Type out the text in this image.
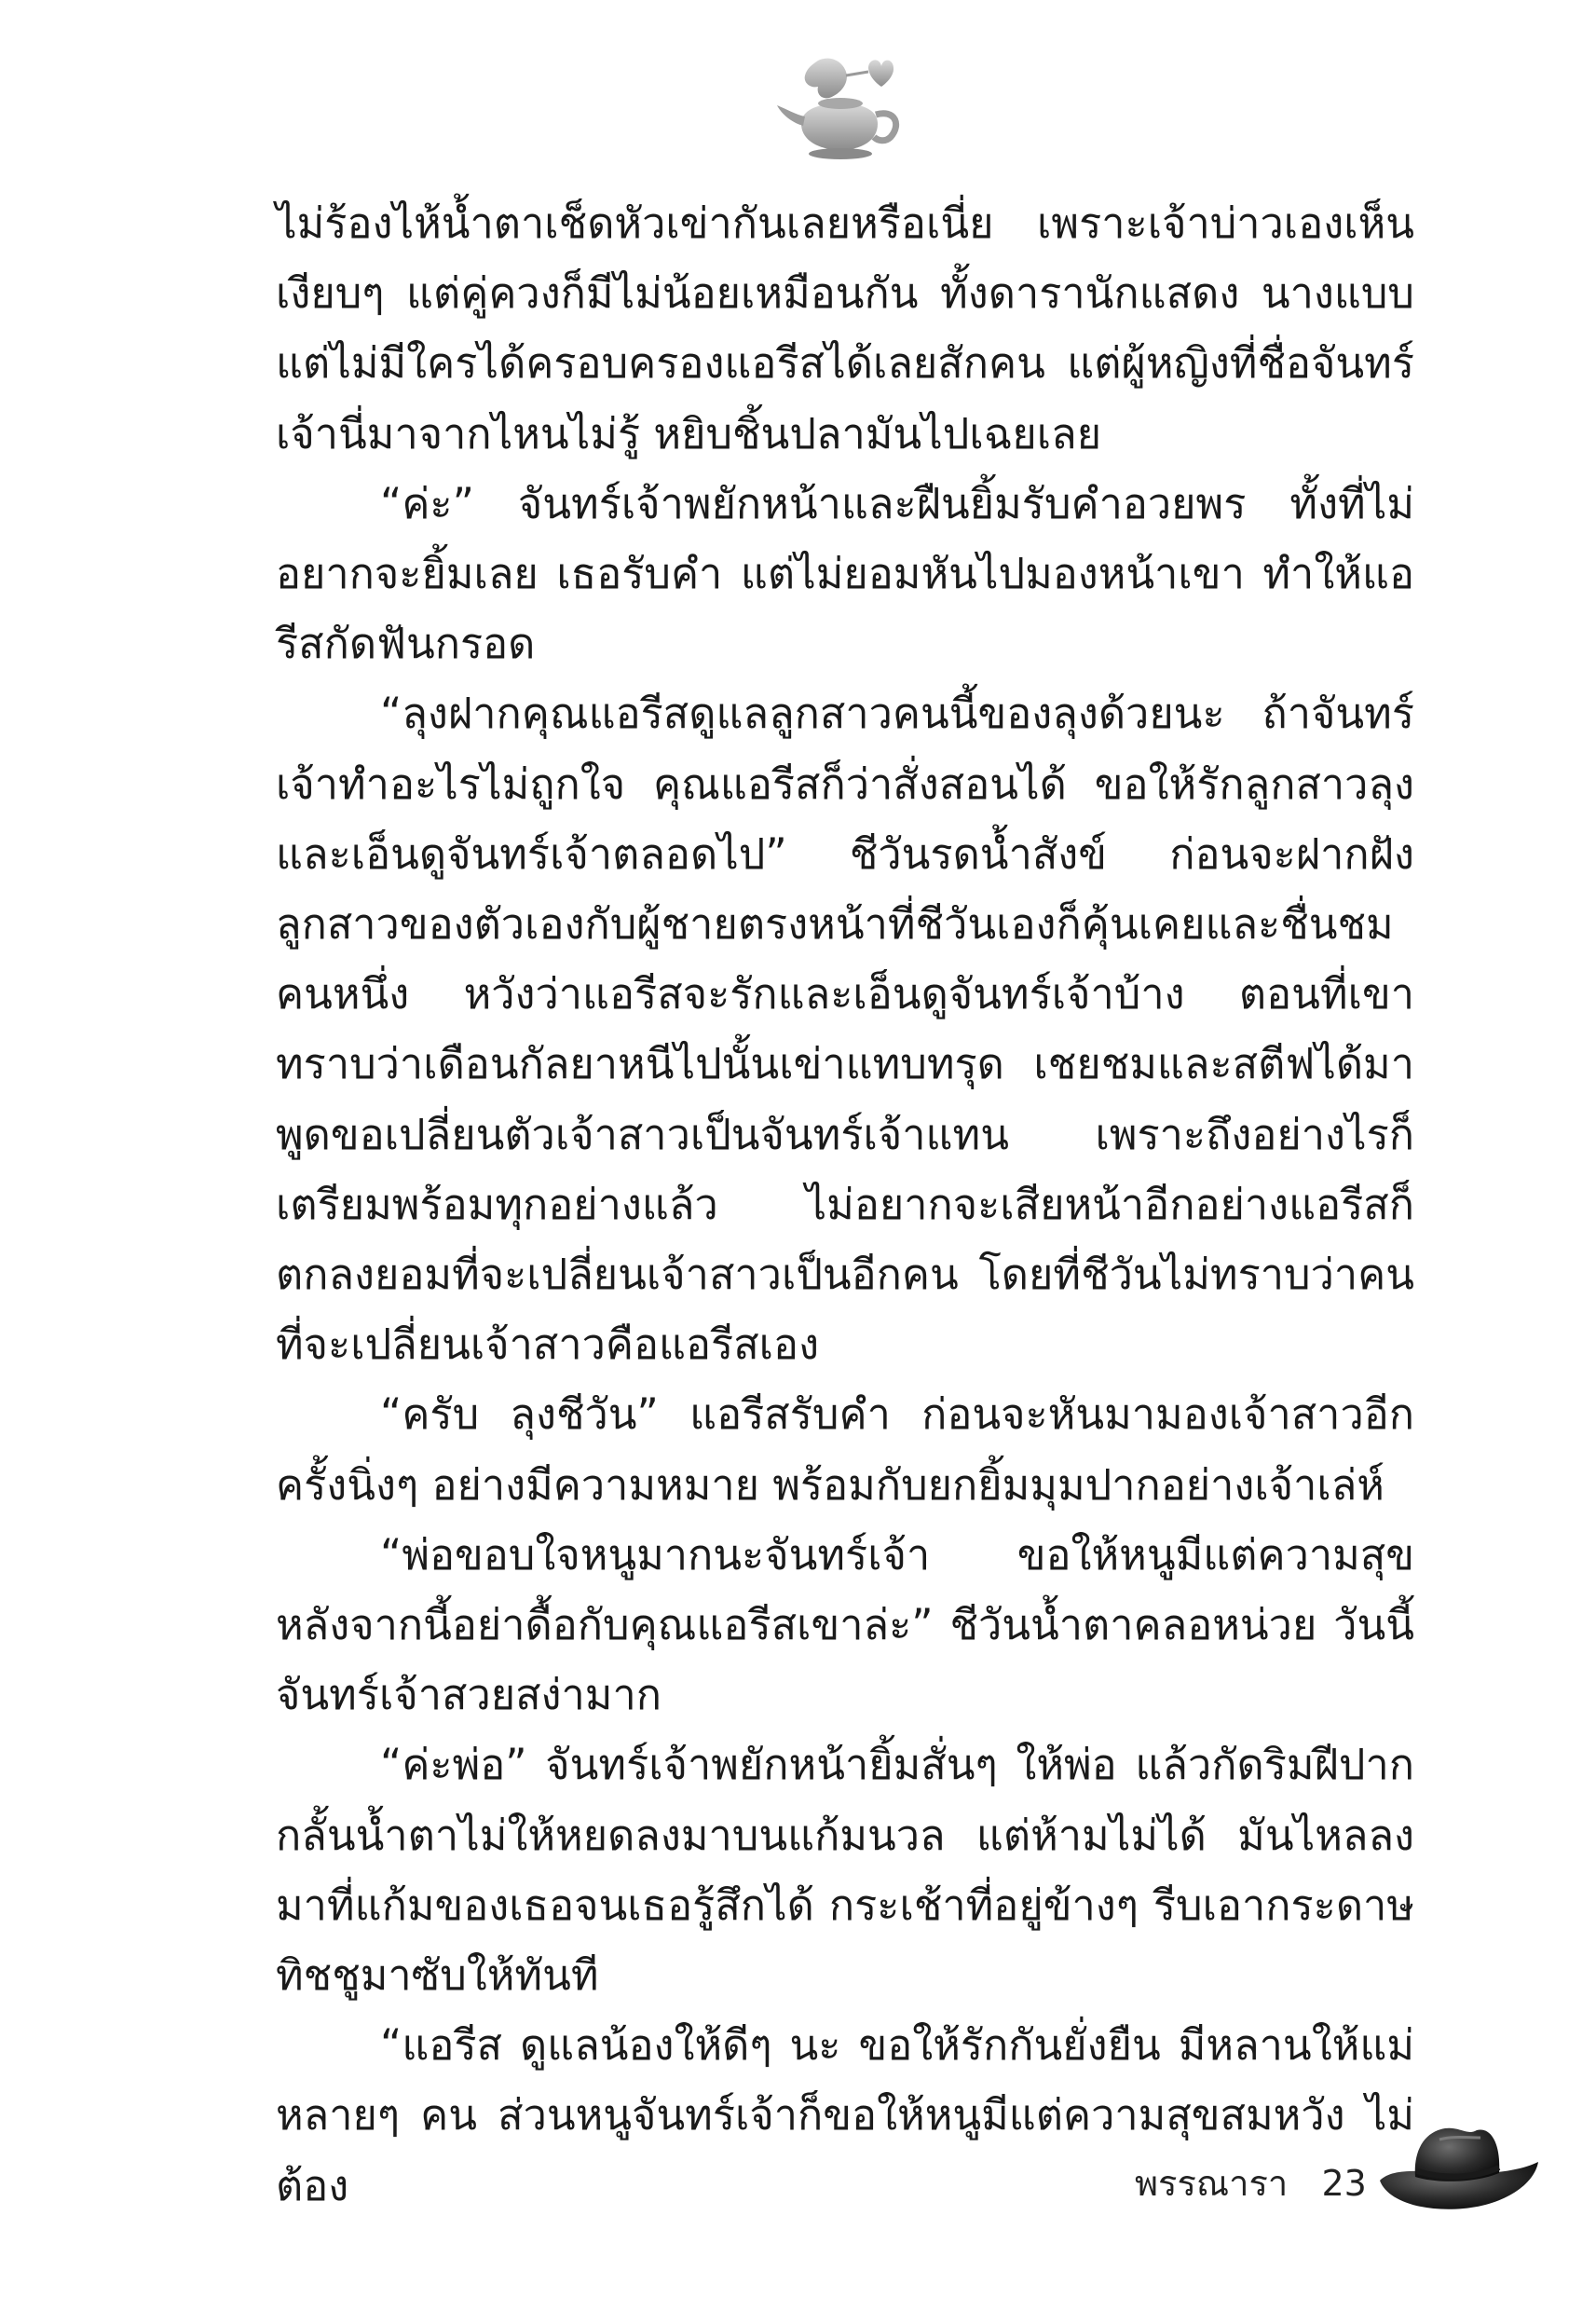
ไม่ร้องไห้น้ำตาเช็ดหัวเข่ากันเลยหรือเนี่ย เพราะเจ้าบ่าวเองเห็นเงียบๆ แต่คู่ควงก็มีไม่น้อยเหมือนกัน ทั้งดารานักแสดง นางแบบ แต่ไม่มีใครได้ครอบครองแอรีสได้เลยสักคน แต่ผู้หญิงที่ชื่อจันทร์เจ้านี่มาจากไหนไม่รู้ หยิบชิ้นปลามันไปเฉยเลย

“ค่ะ” จันทร์เจ้าพยักหน้าและฝืนยิ้มรับคำอวยพร ทั้งที่ไม่อยากจะยิ้มเลย เธอรับคำ แต่ไม่ยอมหันไปมองหน้าเขา ทำให้แอรีสกัดฟันกรอด

“ลุงฝากคุณแอรีสดูแลลูกสาวคนนี้ของลุงด้วยนะ ถ้าจันทร์เจ้าทำอะไรไม่ถูกใจ คุณแอรีสก็ว่าสั่งสอนได้ ขอให้รักลูกสาวลุงและเอ็นดูจันทร์เจ้าตลอดไป” ชีวันรดน้ำสังข์ ก่อนจะฝากฝังลูกสาวของตัวเองกับผู้ชายตรงหน้าที่ชีวันเองก็คุ้นเคยและชื่นชมคนหนึ่ง หวังว่าแอรีสจะรักและเอ็นดูจันทร์เจ้าบ้าง ตอนที่เขาทราบว่าเดือนกัลยาหนีไปนั้นเข่าแทบทรุด เชยชมและสตีฟได้มาพูดขอเปลี่ยนตัวเจ้าสาวเป็นจันทร์เจ้าแทน เพราะถึงอย่างไรก็เตรียมพร้อมทุกอย่างแล้ว ไม่อยากจะเสียหน้าอีกอย่างแอรีสก็ตกลงยอมที่จะเปลี่ยนเจ้าสาวเป็นอีกคน โดยที่ชีวันไม่ทราบว่าคนที่จะเปลี่ยนเจ้าสาวคือแอรีสเอง

“ครับ ลุงชีวัน” แอรีสรับคำ ก่อนจะหันมามองเจ้าสาวอีกครั้งนิ่งๆ อย่างมีความหมาย พร้อมกับยกยิ้มมุมปากอย่างเจ้าเล่ห์

“พ่อขอบใจหนูมากนะจันทร์เจ้า ขอให้หนูมีแต่ความสุข หลังจากนี้อย่าดื้อกับคุณแอรีสเขาล่ะ” ชีวันน้ำตาคลอหน่วย วันนี้จันทร์เจ้าสวยสง่ามาก

“ค่ะพ่อ” จันทร์เจ้าพยักหน้ายิ้มสั่นๆ ให้พ่อ แล้วกัดริมฝีปากกลั้นน้ำตาไม่ให้หยดลงมาบนแก้มนวล แต่ห้ามไม่ได้ มันไหลลงมาที่แก้มของเธอจนเธอรู้สึกได้ กระเช้าที่อยู่ข้างๆ รีบเอากระดาษทิชชูมาซับให้ทันที

“แอรีส ดูแลน้องให้ดีๆ นะ ขอให้รักกันยั่งยืน มีหลานให้แม่หลายๆ คน ส่วนหนูจันทร์เจ้าก็ขอให้หนูมีแต่ความสุขสมหวัง ไม่ต้อง	พรรณารา 23
